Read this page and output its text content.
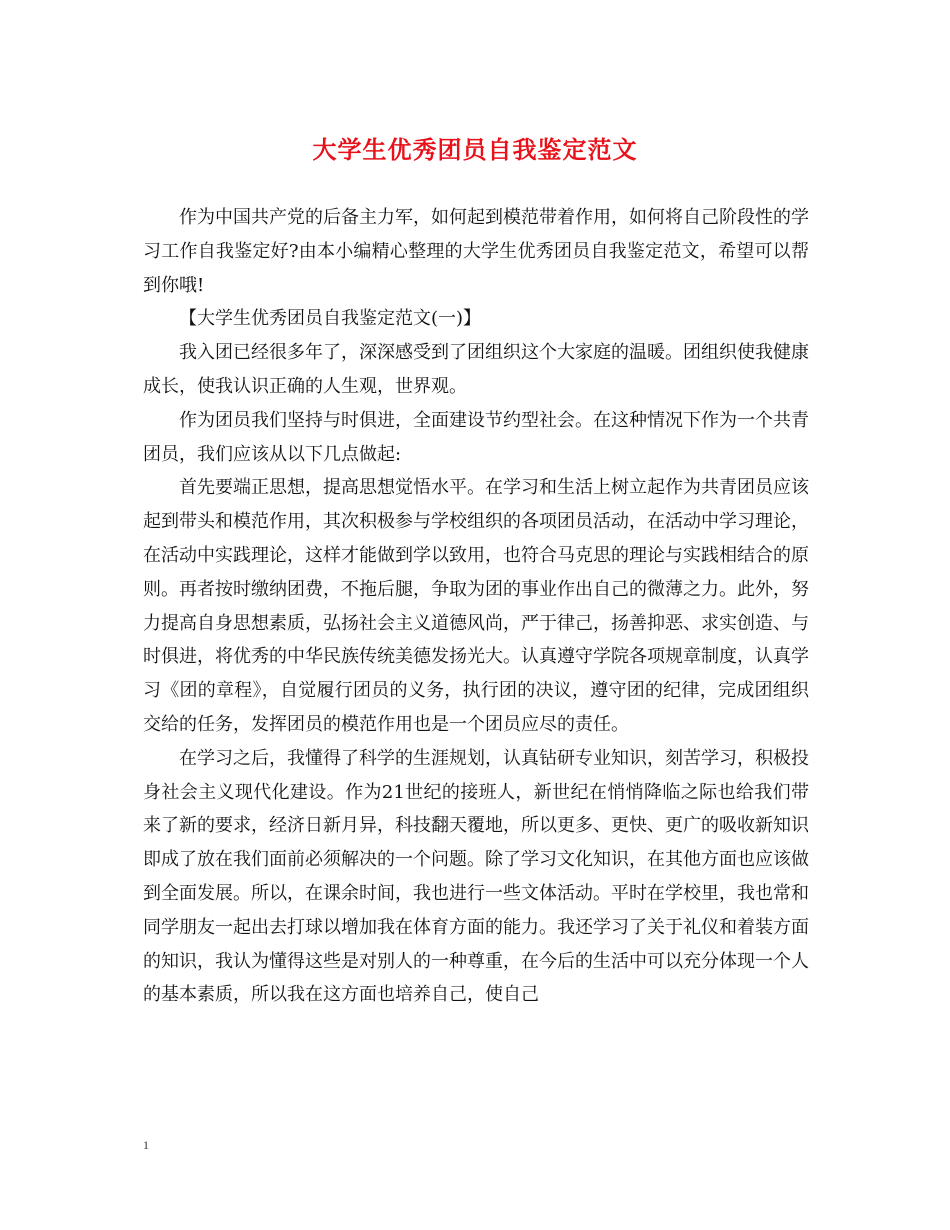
大学生优秀团员自我鉴定范文

作为中国共产党的后备主力军，如何起到模范带着作用，如何将自己阶段性的学习工作自我鉴定好?由本小编精心整理的大学生优秀团员自我鉴定范文，希望可以帮到你哦!

【大学生优秀团员自我鉴定范文(一)】

我入团已经很多年了，深深感受到了团组织这个大家庭的温暖。团组织使我健康成长，使我认识正确的人生观，世界观。

作为团员我们坚持与时俱进，全面建设节约型社会。在这种情况下作为一个共青团员，我们应该从以下几点做起:

首先要端正思想，提高思想觉悟水平。在学习和生活上树立起作为共青团员应该起到带头和模范作用，其次积极参与学校组织的各项团员活动，在活动中学习理论，在活动中实践理论，这样才能做到学以致用，也符合马克思的理论与实践相结合的原则。再者按时缴纳团费，不拖后腿，争取为团的事业作出自己的微薄之力。此外，努力提高自身思想素质，弘扬社会主义道德风尚，严于律己，扬善抑恶、求实创造、与时俱进，将优秀的中华民族传统美德发扬光大。认真遵守学院各项规章制度，认真学习《团的章程》，自觉履行团员的义务，执行团的决议，遵守团的纪律，完成团组织交给的任务，发挥团员的模范作用也是一个团员应尽的责任。

在学习之后，我懂得了科学的生涯规划，认真钻研专业知识，刻苦学习，积极投身社会主义现代化建设。作为21世纪的接班人，新世纪在悄悄降临之际也给我们带来了新的要求，经济日新月异，科技翻天覆地，所以更多、更快、更广的吸收新知识即成了放在我们面前必须解决的一个问题。除了学习文化知识，在其他方面也应该做到全面发展。所以，在课余时间，我也进行一些文体活动。平时在学校里，我也常和同学朋友一起出去打球以增加我在体育方面的能力。我还学习了关于礼仪和着装方面的知识，我认为懂得这些是对别人的一种尊重，在今后的生活中可以充分体现一个人的基本素质，所以我在这方面也培养自己，使自己

1
